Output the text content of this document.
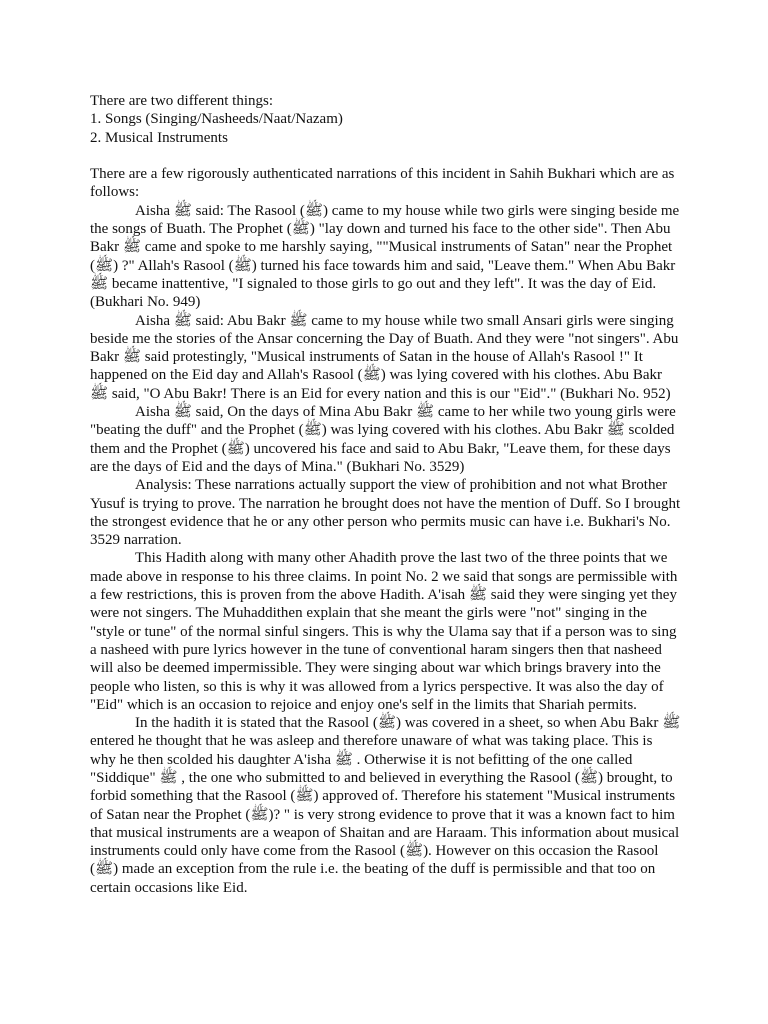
There are two different things:
1. Songs (Singing/Nasheeds/Naat/Nazam)
2. Musical Instruments

There are a few rigorously authenticated narrations of this incident in Sahih Bukhari which are as follows:

Aisha ﷺ said: The Rasool (ﷺ) came to my house while two girls were singing beside me the songs of Buath. The Prophet (ﷺ) "lay down and turned his face to the other side". Then Abu Bakr ﷺ came and spoke to me harshly saying, ""Musical instruments of Satan" near the Prophet (ﷺ) ?" Allah's Rasool (ﷺ) turned his face towards him and said, "Leave them." When Abu Bakr ﷺ became inattentive, "I signaled to those girls to go out and they left". It was the day of Eid. (Bukhari No. 949)

Aisha ﷺ said: Abu Bakr ﷺ came to my house while two small Ansari girls were singing beside me the stories of the Ansar concerning the Day of Buath. And they were "not singers". Abu Bakr ﷺ said protestingly, "Musical instruments of Satan in the house of Allah's Rasool !" It happened on the Eid day and Allah's Rasool (ﷺ) was lying covered with his clothes. Abu Bakr ﷺ said, "O Abu Bakr! There is an Eid for every nation and this is our "Eid"." (Bukhari No. 952)

Aisha ﷺ said, On the days of Mina Abu Bakr ﷺ came to her while two young girls were "beating the duff" and the Prophet (ﷺ) was lying covered with his clothes. Abu Bakr ﷺ scolded them and the Prophet (ﷺ) uncovered his face and said to Abu Bakr, "Leave them, for these days are the days of Eid and the days of Mina." (Bukhari No. 3529)

Analysis: These narrations actually support the view of prohibition and not what Brother Yusuf is trying to prove. The narration he brought does not have the mention of Duff. So I brought the strongest evidence that he or any other person who permits music can have i.e. Bukhari's No. 3529 narration.

This Hadith along with many other Ahadith prove the last two of the three points that we made above in response to his three claims. In point No. 2 we said that songs are permissible with a few restrictions, this is proven from the above Hadith. A'isah ﷺ said they were singing yet they were not singers. The Muhaddithen explain that she meant the girls were "not" singing in the "style or tune" of the normal sinful singers. This is why the Ulama say that if a person was to sing a nasheed with pure lyrics however in the tune of conventional haram singers then that nasheed will also be deemed impermissible. They were singing about war which brings bravery into the people who listen, so this is why it was allowed from a lyrics perspective. It was also the day of "Eid" which is an occasion to rejoice and enjoy one's self in the limits that Shariah permits.

In the hadith it is stated that the Rasool (ﷺ) was covered in a sheet, so when Abu Bakr ﷺ entered he thought that he was asleep and therefore unaware of what was taking place. This is why he then scolded his daughter A'isha ﷺ . Otherwise it is not befitting of the one called "Siddique" ﷺ , the one who submitted to and believed in everything the Rasool (ﷺ) brought, to forbid something that the Rasool (ﷺ) approved of. Therefore his statement "Musical instruments of Satan near the Prophet (ﷺ)? " is very strong evidence to prove that it was a known fact to him that musical instruments are a weapon of Shaitan and are Haraam. This information about musical instruments could only have come from the Rasool (ﷺ). However on this occasion the Rasool (ﷺ) made an exception from the rule i.e. the beating of the duff is permissible and that too on certain occasions like Eid.
